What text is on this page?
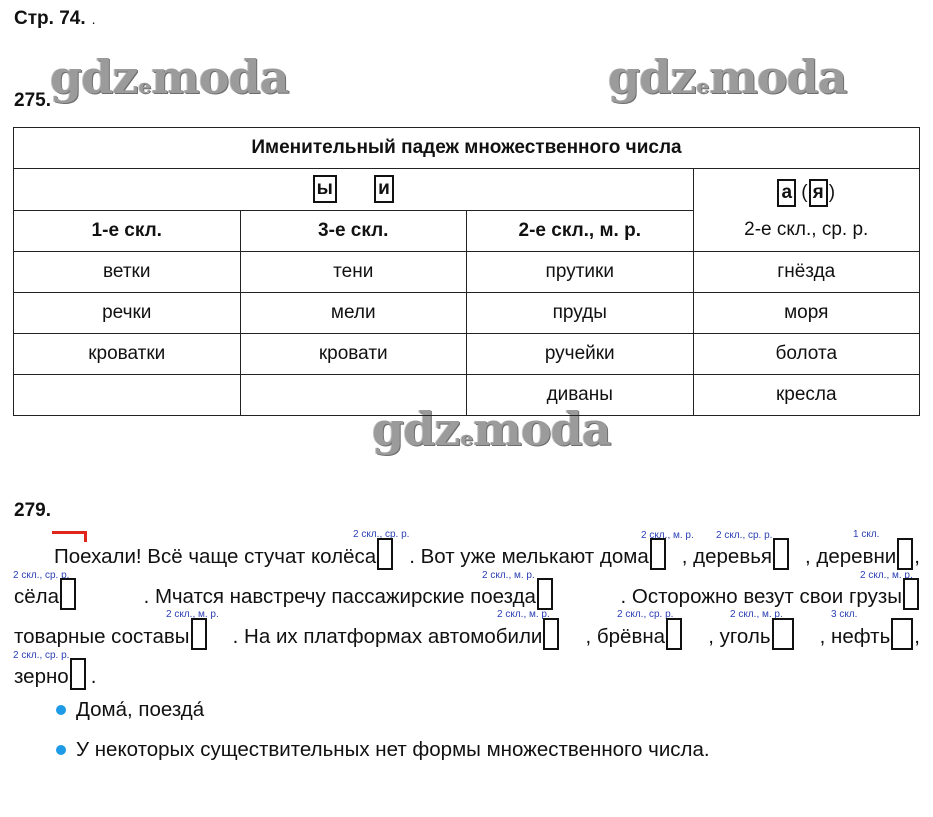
Стр. 74. .
gdzemoda	gdzemoda
gdzemoda
275.
Именительный падеж множественного числа			
ы и			а ( я )
2-е скл., ср. р.

1-е скл.	3-е скл.	2-е скл., м. р.	
ветки	тени	прутики	гнёзда
речки	мели	пруды	моря
кроватки	кровати	ручейки	болота
		диваны	кресла
279.
2 скл., ср. р.	2 скл., м. р. 2 скл., ср. р.	1 скл.
2 скл., ср. р.	2 скл., м. р.	2 скл., м. р.
2 скл., м. р.	2 скл., м. р.	2 скл., ср. р.	2 скл., м. р.	3 скл.
2 скл., ср. р.
Поехали! Всё чаще стучат колёса	. Вот уже мелькают дома	, деревья	, деревни ,
сёла	. Мчатся навстречу пассажирские поезда	. Осторожно везут свои грузы
товарные составы	. На их платформах автомобили	, брёвна	, уголь	, нефть ,
зерно .
Дома́, поезда́
У некоторых существительных нет формы множественного числа.
